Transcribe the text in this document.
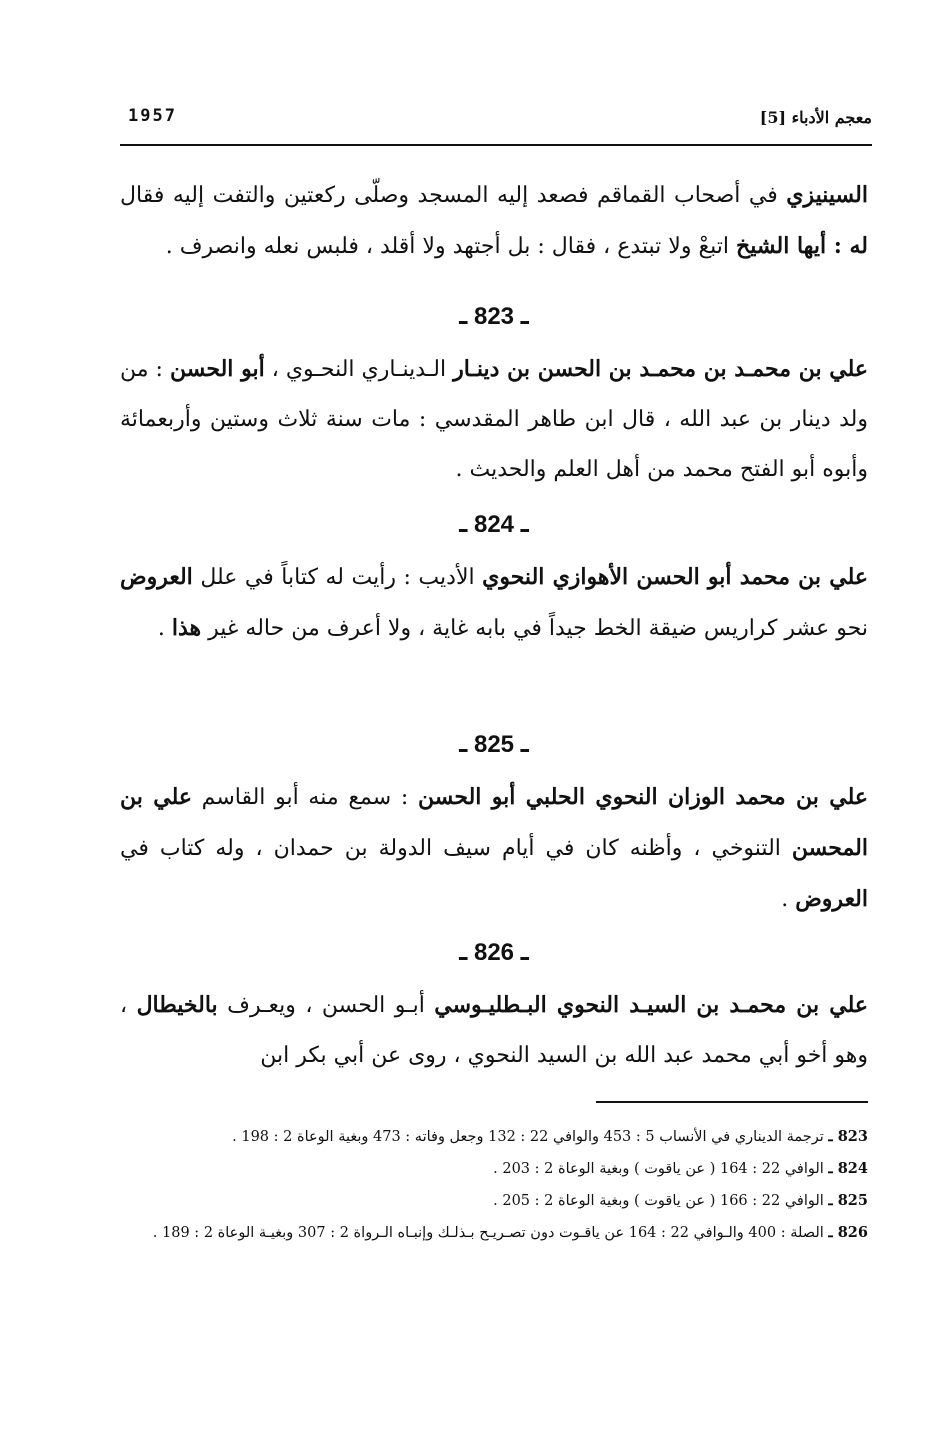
1957	معجم الأدباء [5]

السينيزي في أصحاب القماقم فصعد إليه المسجد وصلّى ركعتين والتفت إليه فقال له : أيها الشيخ اتبعْ ولا تبتدع ، فقال : بل أجتهد ولا أقلد ، فلبس نعله وانصرف .

ـ 823 ـ

علي بن محمـد بن محمـد بن الحسن بن دينـار الـدينـاري النحـوي ، أبو الحسن : من ولد دينار بن عبد الله ، قال ابن طاهر المقدسي : مات سنة ثلاث وستين وأربعمائة وأبوه أبو الفتح محمد من أهل العلم والحديث .

ـ 824 ـ

علي بن محمد أبو الحسن الأهوازي النحوي الأديب : رأيت له كتاباً في علل العروض نحو عشر كراريس ضيقة الخط جيداً في بابه غاية ، ولا أعرف من حاله غير هذا .

ـ 825 ـ

علي بن محمد الوزان النحوي الحلبي أبو الحسن : سمع منه أبو القاسم علي بن المحسن التنوخي ، وأظنه كان في أيام سيف الدولة بن حمدان ، وله كتاب في العروض .

ـ 826 ـ

علي بن محمـد بن السيـد النحوي البـطليـوسي أبـو الحسن ، ويعـرف بالخيطال ، وهو أخو أبي محمد عبد الله بن السيد النحوي ، روى عن أبي بكر ابن

823 ـ ترجمة الديناري في الأنساب 5 : 453 والوافي 22 : 132 وجعل وفاته : 473 وبغية الوعاة 2 : 198 .

824 ـ الوافي 22 : 164 ( عن ياقوت ) وبغية الوعاة 2 : 203 .

825 ـ الوافي 22 : 166 ( عن ياقوت ) وبغية الوعاة 2 : 205 .

826 ـ الصلة : 400 والـوافي 22 : 164 عن ياقـوت دون تصـريـح بـذلـك وإنبـاه الـرواة 2 : 307 وبغيـة الوعاة 2 : 189 .
